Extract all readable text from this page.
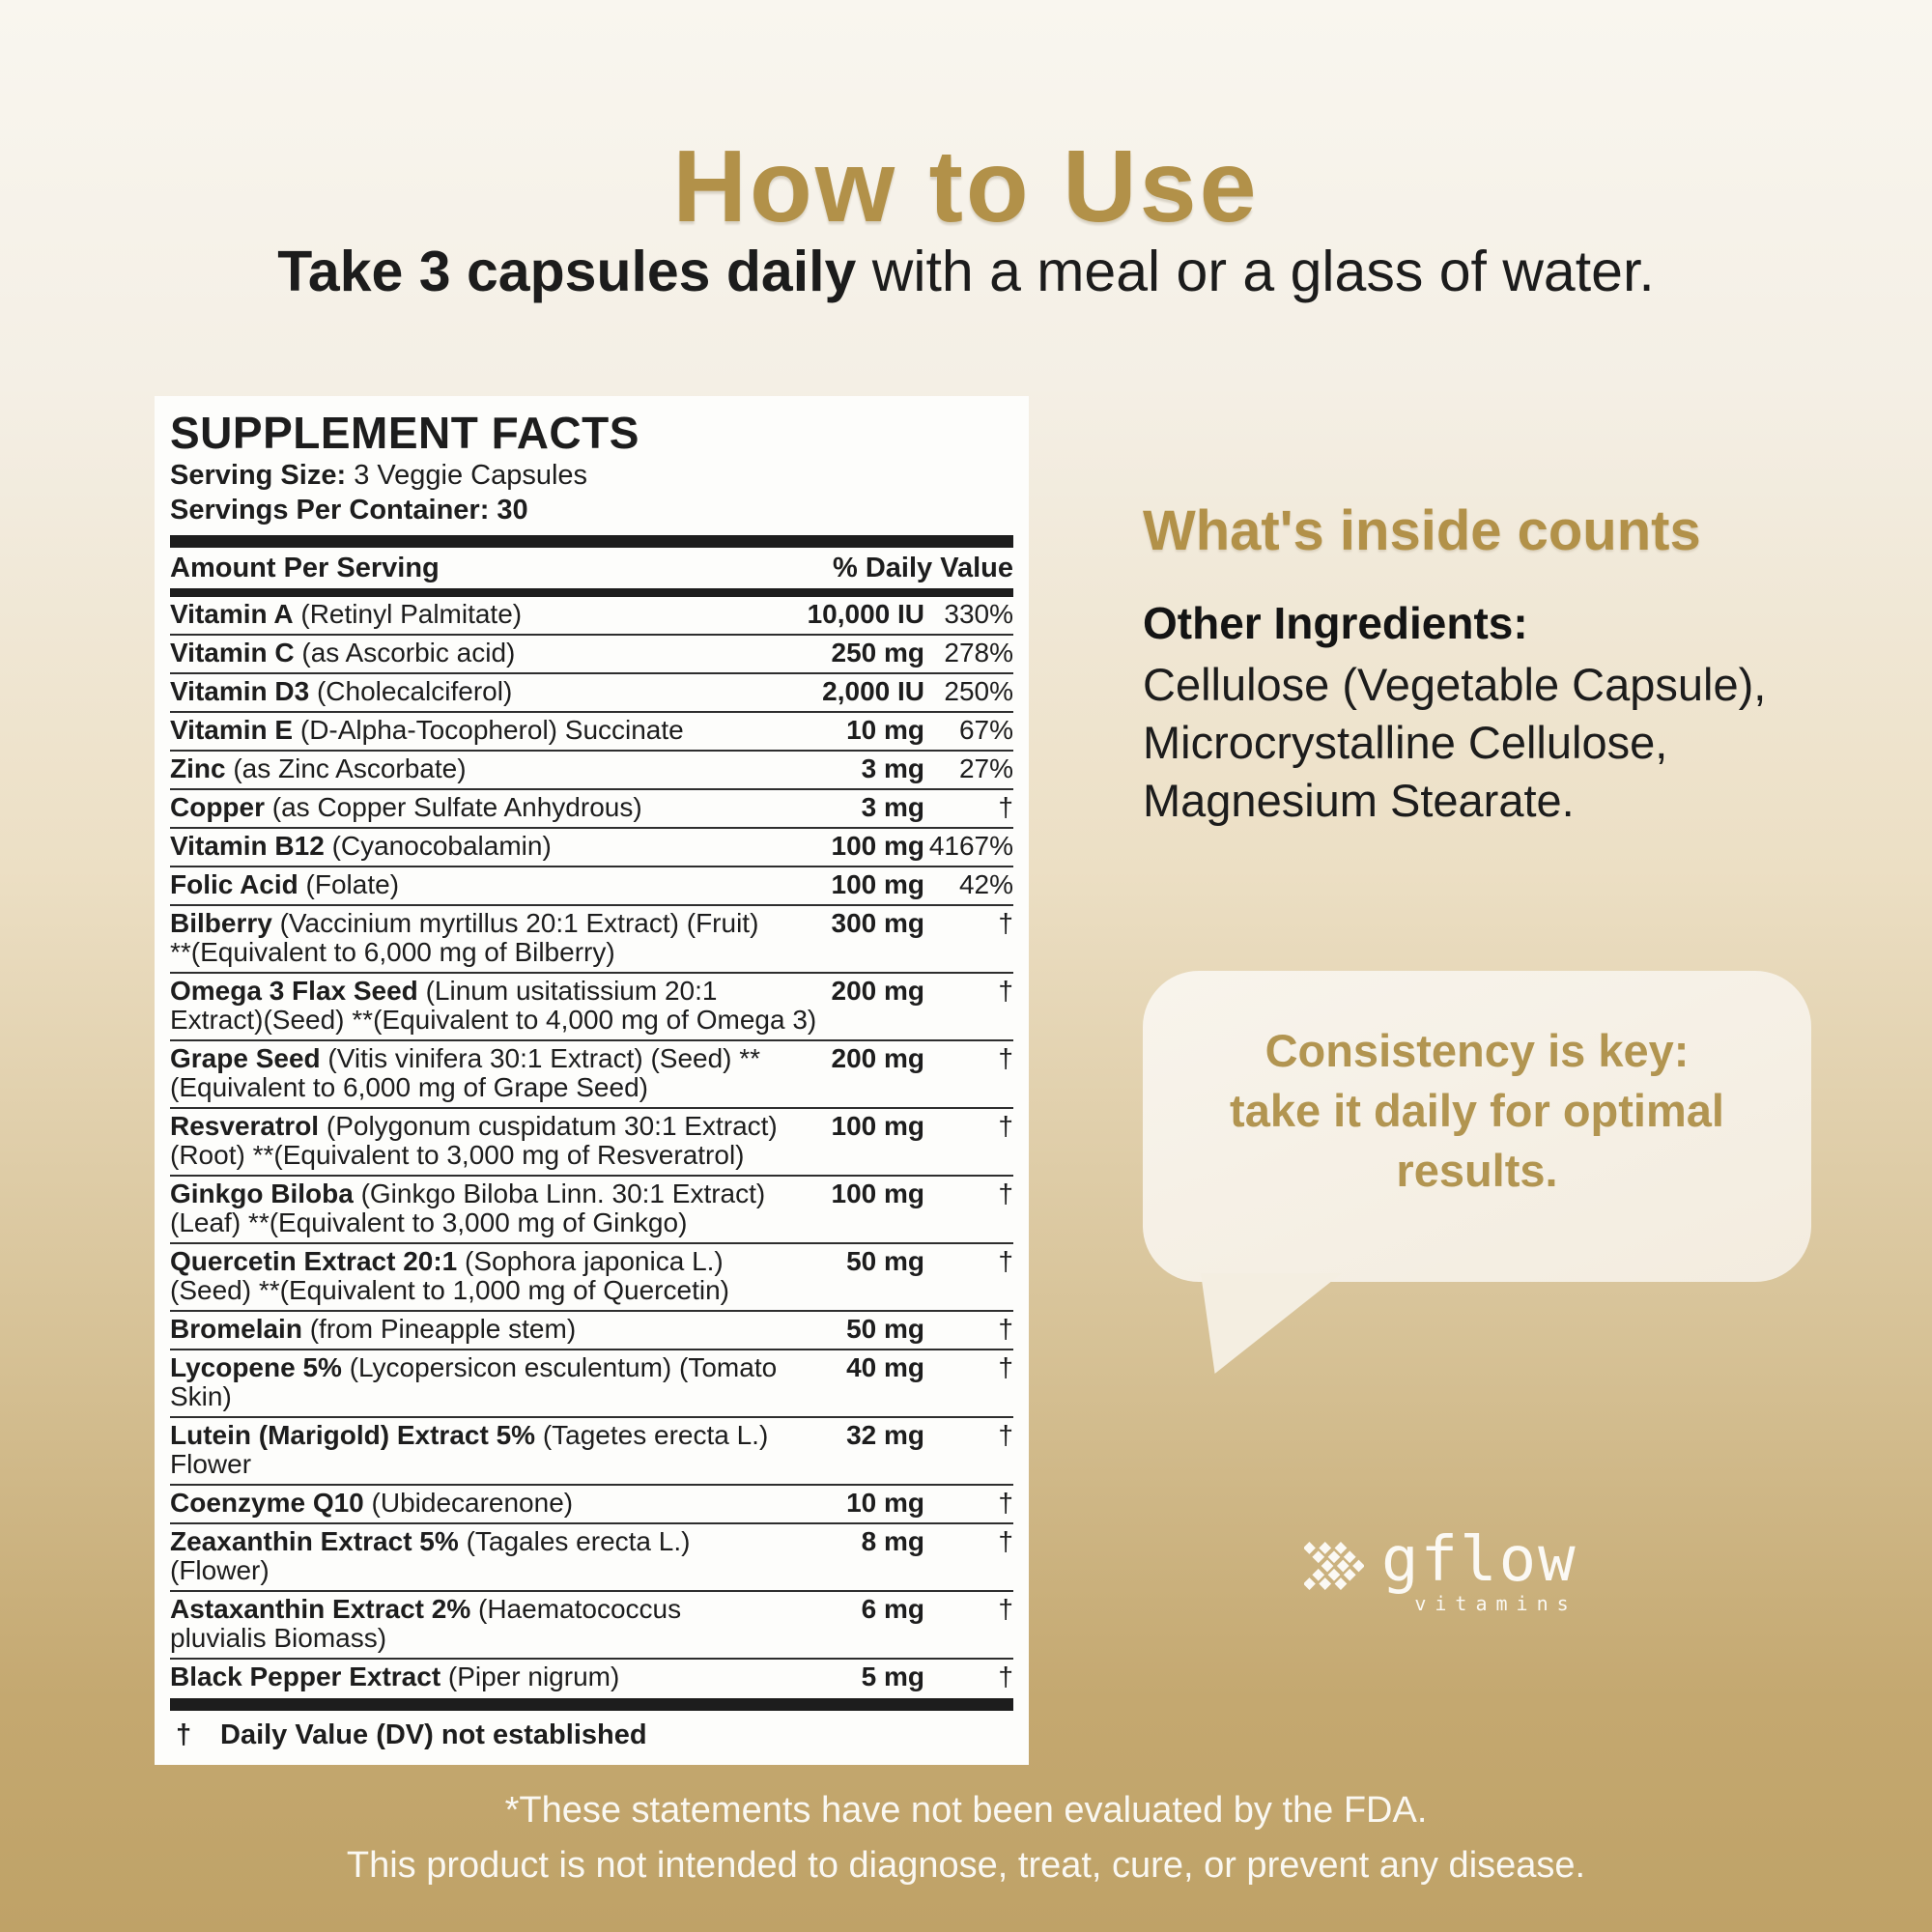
How to Use

Take 3 capsules daily with a meal or a glass of water.

SUPPLEMENT FACTS
Serving Size: 3 Veggie Capsules
Servings Per Container: 30
Amount Per Serving	% Daily Value
330%
10,000 IU
Vitamin A (Retinyl Palmitate)
278%
250 mg
Vitamin C (as Ascorbic acid)
250%
2,000 IU
Vitamin D3 (Cholecalciferol)
67%
10 mg
Vitamin E (D-Alpha-Tocopherol) Succinate
27%
3 mg
Zinc (as Zinc Ascorbate)
†
3 mg
Copper (as Copper Sulfate Anhydrous)
4167%
100 mg
Vitamin B12 (Cyanocobalamin)
42%
100 mg
Folic Acid (Folate)
†
300 mg
Bilberry (Vaccinium myrtillus 20:1 Extract) (Fruit) **(Equivalent to 6,000 mg of Bilberry)
†
200 mg
Omega 3 Flax Seed (Linum usitatissium 20:1 Extract)(Seed) **(Equivalent to 4,000 mg of Omega 3)
†
200 mg
Grape Seed (Vitis vinifera 30:1 Extract) (Seed) **(Equivalent to 6,000 mg of Grape Seed)
†
100 mg
Resveratrol (Polygonum cuspidatum 30:1 Extract) (Root) **(Equivalent to 3,000 mg of Resveratrol)
†
100 mg
Ginkgo Biloba (Ginkgo Biloba Linn. 30:1 Extract) (Leaf) **(Equivalent to 3,000 mg of Ginkgo)
†
50 mg
Quercetin Extract 20:1 (Sophora japonica L.) (Seed) **(Equivalent to 1,000 mg of Quercetin)
†
50 mg
Bromelain (from Pineapple stem)
†
40 mg
Lycopene 5% (Lycopersicon esculentum) (Tomato Skin)
†
32 mg
Lutein (Marigold) Extract 5% (Tagetes erecta L.) Flower
†
10 mg
Coenzyme Q10 (Ubidecarenone)
†
8 mg
Zeaxanthin Extract 5% (Tagales erecta L.) (Flower)
†
6 mg
Astaxanthin Extract 2% (Haematococcus pluvialis Biomass)
†
5 mg
Black Pepper Extract (Piper nigrum)
† Daily Value (DV) not established
What's inside counts
Other Ingredients:

Cellulose (Vegetable Capsule),
Microcrystalline Cellulose,
Magnesium Stearate.

Consistency is key:
take it daily for optimal
results.
gflow
vitamins
*These statements have not been evaluated by the FDA.
This product is not intended to diagnose, treat, cure, or prevent any disease.
